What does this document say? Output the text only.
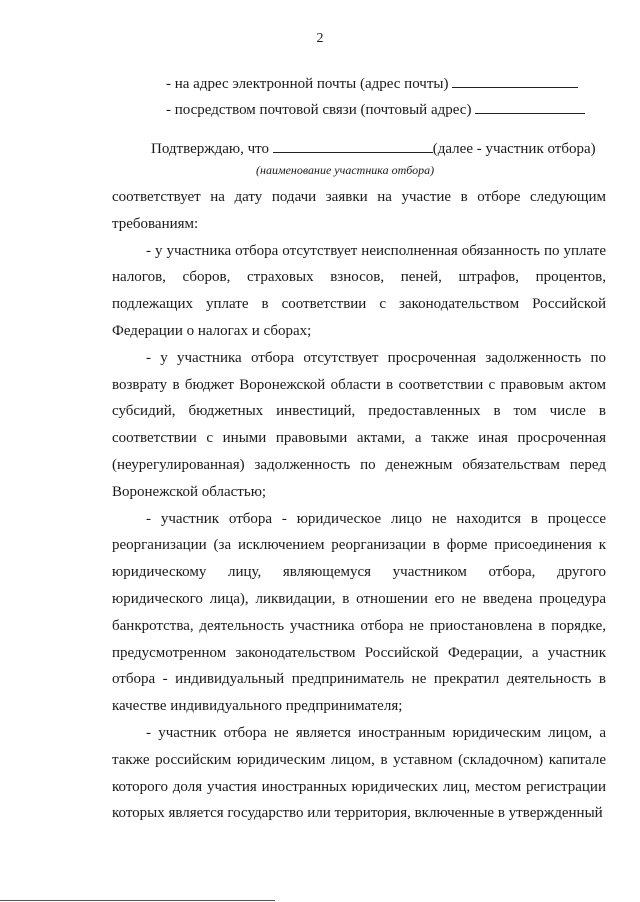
2
- на адрес электронной почты (адрес почты)
- посредством почтовой связи (почтовый адрес)
Подтверждаю, что	(далее - участник отбора)
(наименование участника отбора)

соответствует на дату подачи заявки на участие в отборе следующим требованиям:

- у участника отбора отсутствует неисполненная обязанность по уплате налогов, сборов, страховых взносов, пеней, штрафов, процентов, подлежащих уплате в соответствии с законодательством Российской Федерации о налогах и сборах;

- у участника отбора отсутствует просроченная задолженность по возврату в бюджет Воронежской области в соответствии с правовым актом субсидий, бюджетных инвестиций, предоставленных в том числе в соответствии с иными правовыми актами, а также иная просроченная (неурегулированная) задолженность по денежным обязательствам перед Воронежской областью;

- участник отбора - юридическое лицо не находится в процессе реорганизации (за исключением реорганизации в форме присоединения к юридическому лицу, являющемуся участником отбора, другого юридического лица), ликвидации, в отношении его не введена процедура банкротства, деятельность участника отбора не приостановлена в порядке, предусмотренном законодательством Российской Федерации, а участник отбора - индивидуальный предприниматель не прекратил деятельность в качестве индивидуального предпринимателя;

- участник отбора не является иностранным юридическим лицом, а также российским юридическим лицом, в уставном (складочном) капитале которого доля участия иностранных юридических лиц, местом регистрации которых является государство или территория, включенные в утвержденный
